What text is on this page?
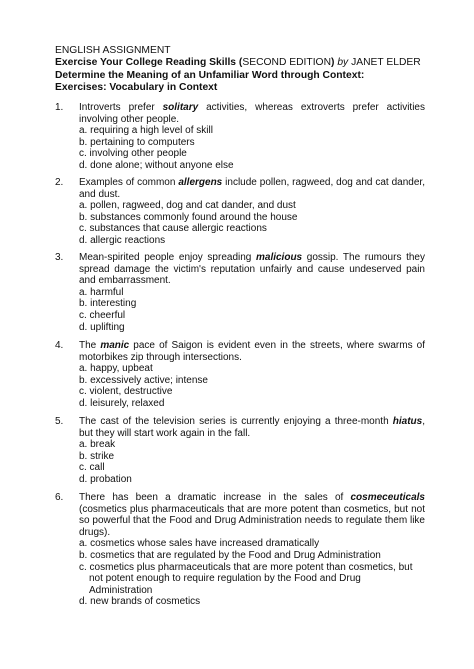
ENGLISH ASSIGNMENT
Exercise Your College Reading Skills (SECOND EDITION) by JANET ELDER
Determine the Meaning of an Unfamiliar Word through Context:
Exercises: Vocabulary in Context
1.	Introverts prefer solitary activities, whereas extroverts prefer activities involving other people.
a. requiring a high level of skill
b. pertaining to computers
c. involving other people
d. done alone; without anyone else
2.	Examples of common allergens include pollen, ragweed, dog and cat dander, and dust.
a. pollen, ragweed, dog and cat dander, and dust
b. substances commonly found around the house
c. substances that cause allergic reactions
d. allergic reactions
3.	Mean-spirited people enjoy spreading malicious gossip. The rumours they spread damage the victim's reputation unfairly and cause undeserved pain and embarrassment.
a. harmful
b. interesting
c. cheerful
d. uplifting
4.	The manic pace of Saigon is evident even in the streets, where swarms of motorbikes zip through intersections.
a. happy, upbeat
b. excessively active; intense
c. violent, destructive
d. leisurely, relaxed
5.	The cast of the television series is currently enjoying a three-month hiatus, but they will start work again in the fall.
a. break
b. strike
c. call
d. probation
6.	There has been a dramatic increase in the sales of cosmeceuticals (cosmetics plus pharmaceuticals that are more potent than cosmetics, but not so powerful that the Food and Drug Administration needs to regulate them like drugs).
a. cosmetics whose sales have increased dramatically
b. cosmetics that are regulated by the Food and Drug Administration
c. cosmetics plus pharmaceuticals that are more potent than cosmetics, but not potent enough to require regulation by the Food and Drug Administration
d. new brands of cosmetics
